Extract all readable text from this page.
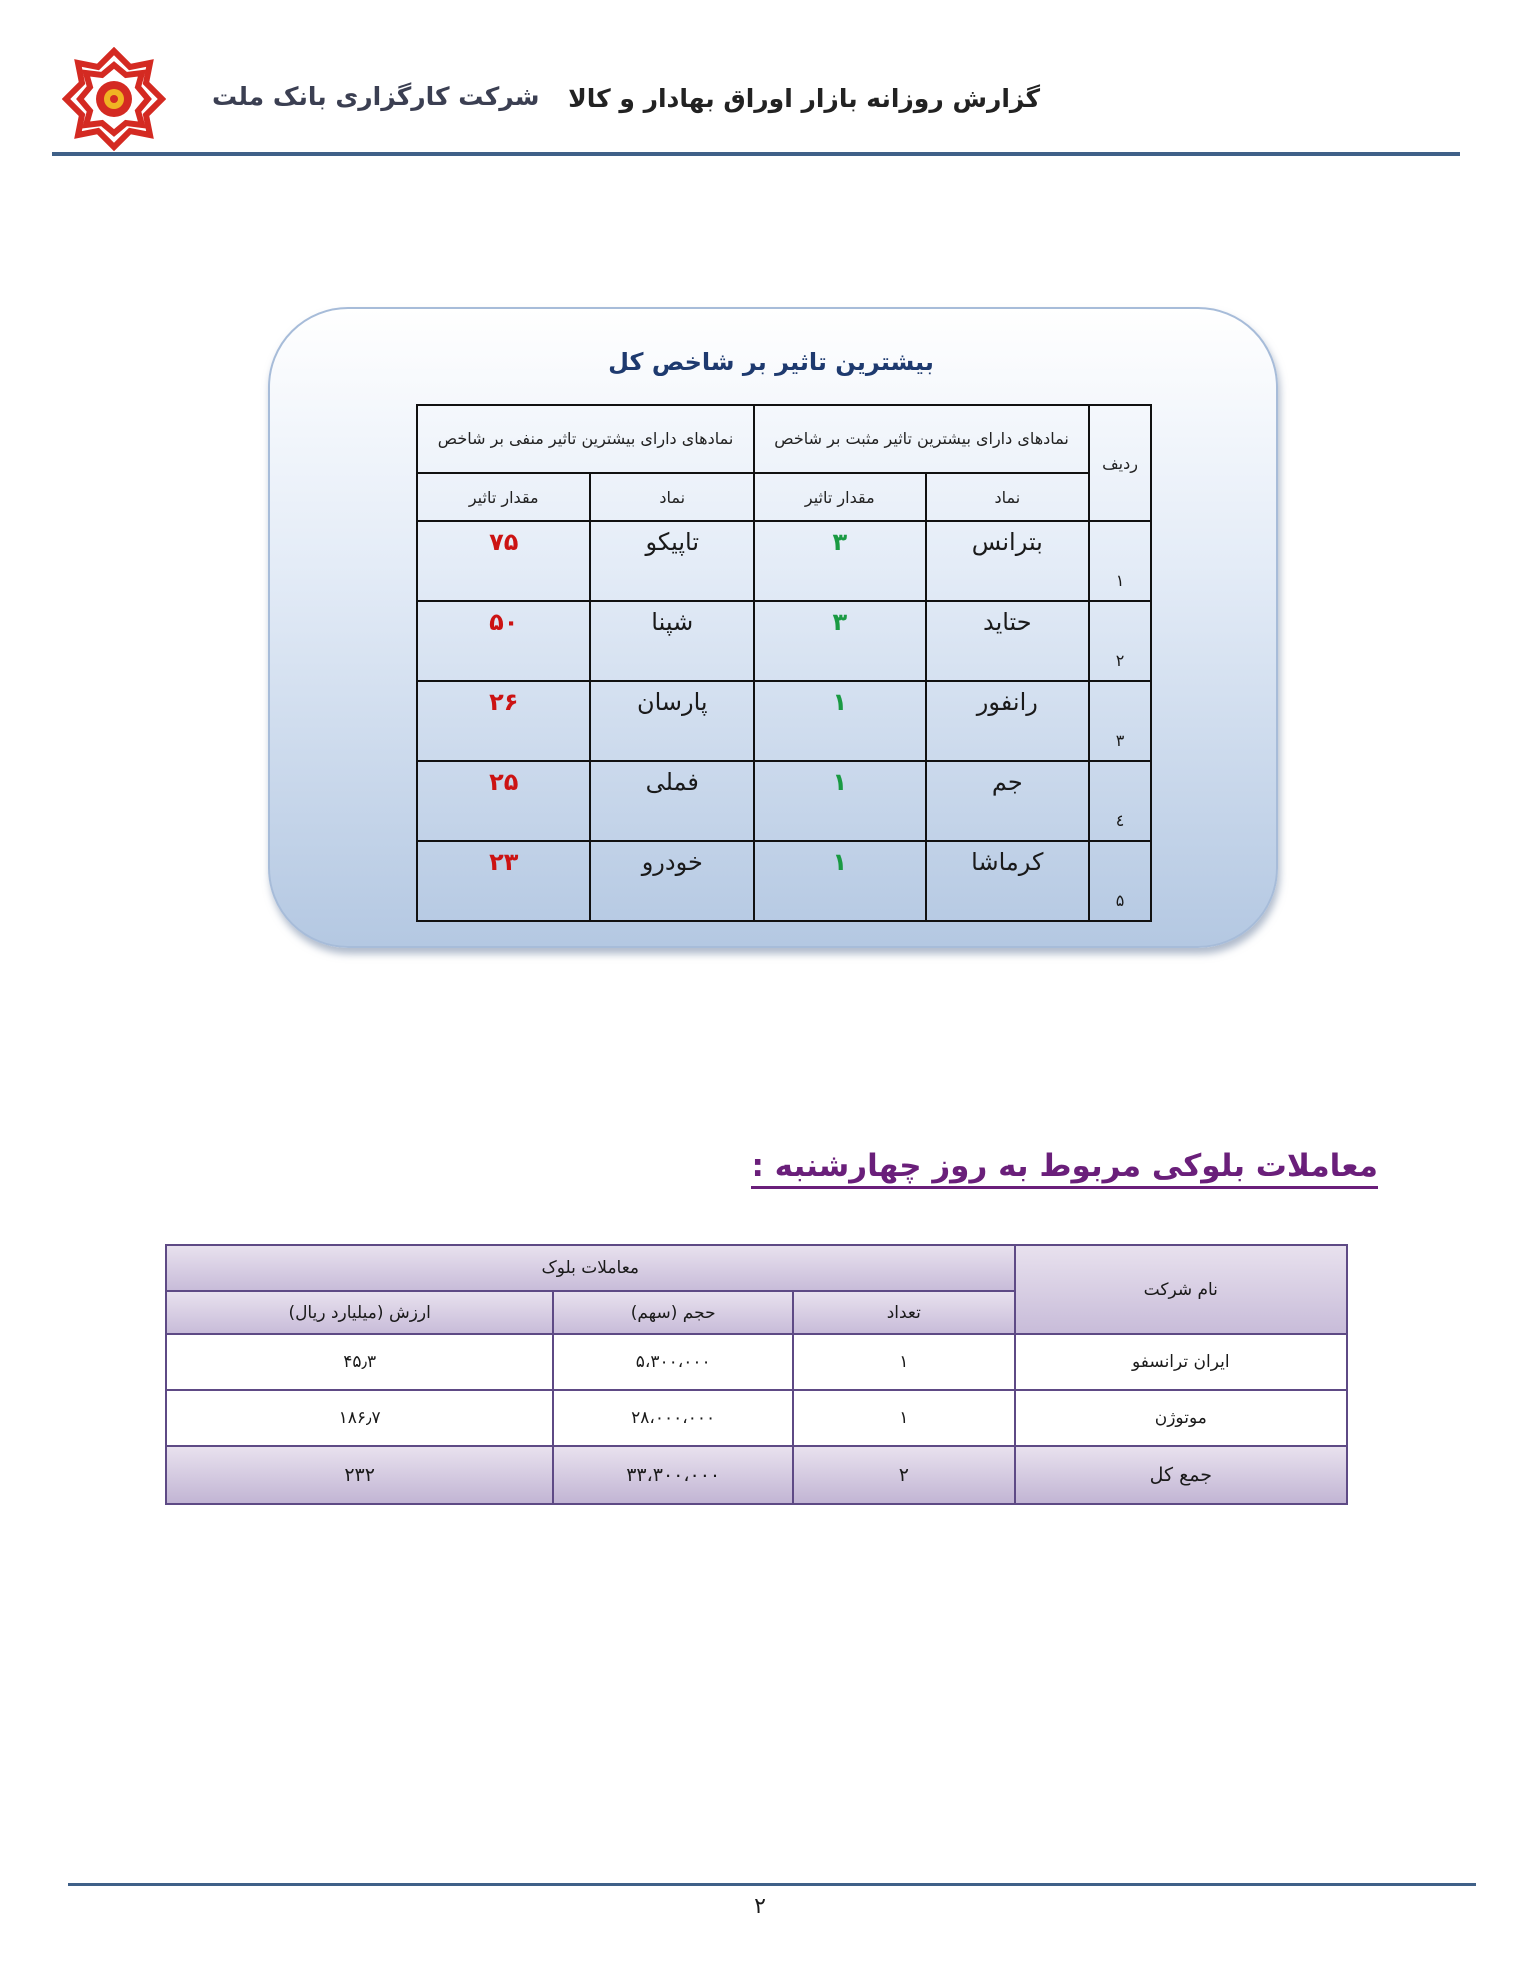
گزارش روزانه بازار اوراق بهادار و کالا
شرکت کارگزاری بانک ملت
بیشترین تاثیر بر شاخص کل
ردیف	نمادهای دارای بیشترین تاثیر مثبت بر شاخص		نمادهای دارای بیشترین تاثیر منفی بر شاخص	
	نماد	مقدار تاثیر	نماد	مقدار تاثیر
۱	بترانس	۳	تاپیکو	۷۵
۲	حتاید	۳	شپنا	۵۰
۳	رانفور	۱	پارسان	۲۶
٤	جم	۱	فملی	۲۵
۵	کرماشا	۱	خودرو	۲۳
معاملات بلوکی مربوط به روز چهارشنبه :
نام شرکت	معاملات بلوک		
	تعداد	حجم (سهم)	ارزش (میلیارد ریال)
ایران ترانسفو	۱	۵،۳۰۰،۰۰۰	۴۵٫۳
موتوژن	۱	۲۸،۰۰۰،۰۰۰	۱۸۶٫۷
جمع کل	۲	۳۳،۳۰۰،۰۰۰	۲۳۲
۲
